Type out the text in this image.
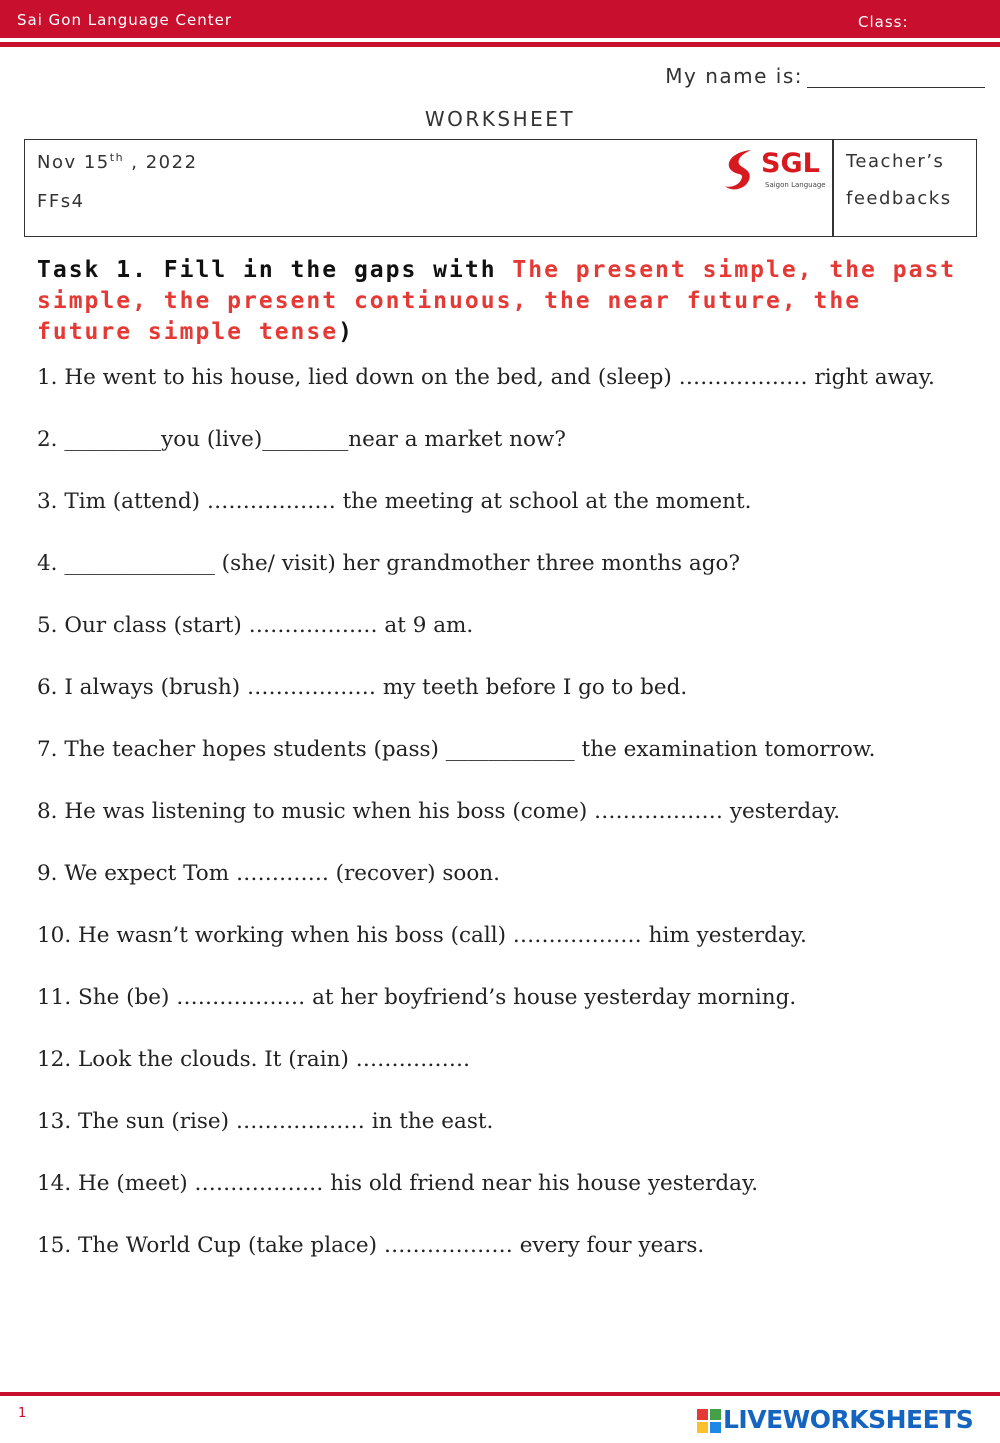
Sai Gon Language Center	Class:
My name is:
WORKSHEET
Nov 15th , 2022
FFs4
SGL
Saigon Language
Teacher’s
feedbacks
Task 1. Fill in the gaps with The present simple, the past simple, the present continuous, the near future, the future simple tense)

1. He went to his house, lied down on the bed, and (sleep) ……………… right away.

2. _________you (live)________near a market now?

3. Tim (attend) ……………… the meeting at school at the moment.

4. ______________ (she/ visit) her grandmother three months ago?

5. Our class (start) ……………… at 9 am.

6. I always (brush) ……………… my teeth before I go to bed.

7. The teacher hopes students (pass) ____________ the examination tomorrow.

8. He was listening to music when his boss (come) ……………… yesterday.

9. We expect Tom …………. (recover) soon.

10. He wasn’t working when his boss (call) ……………… him yesterday.

11. She (be) ……………… at her boyfriend’s house yesterday morning.

12. Look the clouds. It (rain) …………….

13. The sun (rise) ……………… in the east.

14. He (meet) ……………… his old friend near his house yesterday.

15. The World Cup (take place) ……………… every four years.

1	LIVEWORKSHEETS
